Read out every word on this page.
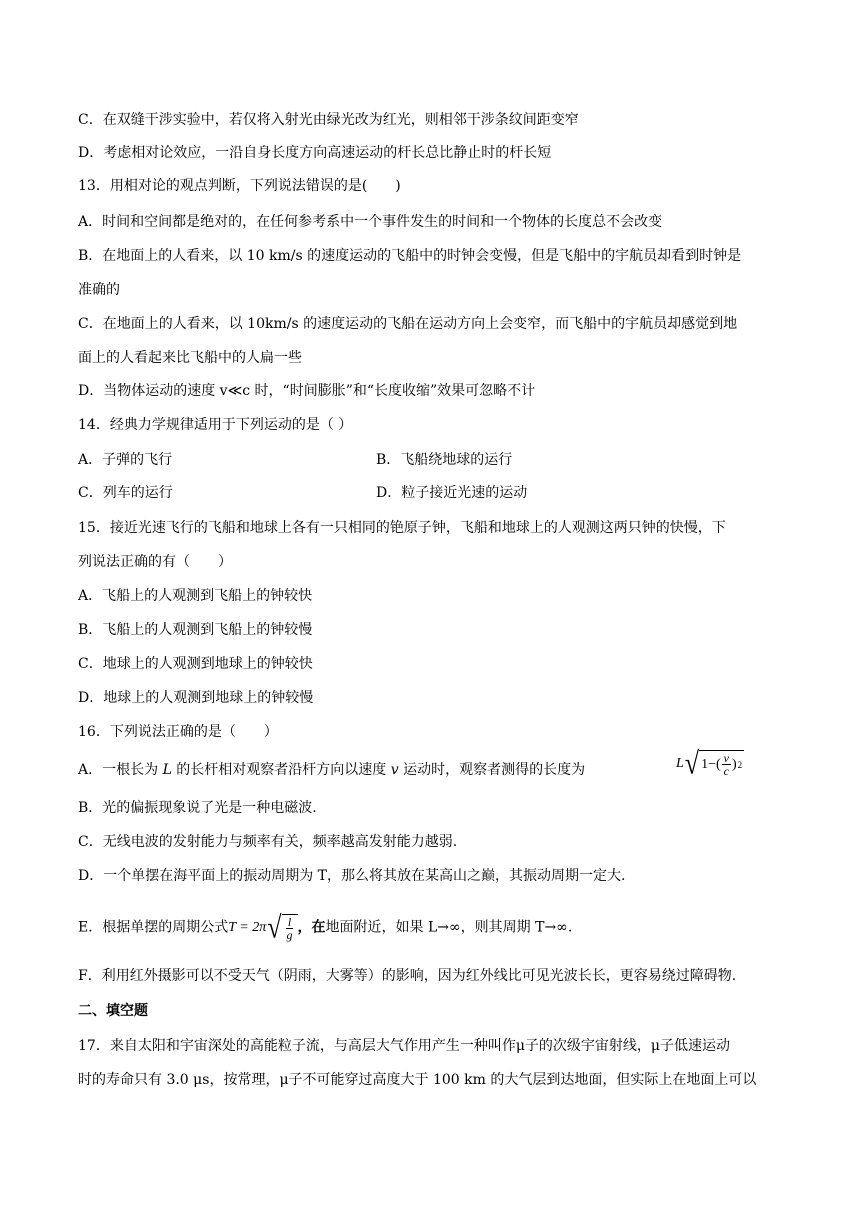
C．在双缝干涉实验中，若仅将入射光由绿光改为红光，则相邻干涉条纹间距变窄
D．考虑相对论效应，一沿自身长度方向高速运动的杆长总比静止时的杆长短
13．用相对论的观点判断，下列说法错误的是(　　)
A．时间和空间都是绝对的，在任何参考系中一个事件发生的时间和一个物体的长度总不会改变
B．在地面上的人看来，以 10 km/s 的速度运动的飞船中的时钟会变慢，但是飞船中的宇航员却看到时钟是
准确的
C．在地面上的人看来，以 10km/s 的速度运动的飞船在运动方向上会变窄，而飞船中的宇航员却感觉到地
面上的人看起来比飞船中的人扁一些
D．当物体运动的速度 v≪c 时，“时间膨胀”和“长度收缩”效果可忽略不计
14．经典力学规律适用于下列运动的是（ ）
A．子弹的飞行	B．飞船绕地球的运行
C．列车的运行	D．粒子接近光速的运动
15．接近光速飞行的飞船和地球上各有一只相同的铯原子钟，飞船和地球上的人观测这两只钟的快慢，下
列说法正确的有（　　）
A．飞船上的人观测到飞船上的钟较快
B．飞船上的人观测到飞船上的钟较慢
C．地球上的人观测到地球上的钟较快
D．地球上的人观测到地球上的钟较慢
16．下列说法正确的是（　　）
A．一根长为 L 的长杆相对观察者沿杆方向以速度 v 运动时，观察者测得的长度为	L √ $1-( \frac{v}{c}$ ) 2
B．光的偏振现象说了光是一种电磁波.
C．无线电波的发射能力与频率有关，频率越高发射能力越弱.
D．一个单摆在海平面上的振动周期为 T，那么将其放在某高山之巅，其振动周期一定大.
E．根据单摆的周期公式 T = 2π √ $\frac{l}{g}$ ，在地面附近，如果 L→∞，则其周期 T→∞.
F．利用红外摄影可以不受天气（阴雨，大雾等）的影响，因为红外线比可见光波长长，更容易绕过障碍物.
二、填空题
17．来自太阳和宇宙深处的高能粒子流，与高层大气作用产生一种叫作μ子的次级宇宙射线，μ子低速运动
时的寿命只有 3.0 μs，按常理，μ子不可能穿过高度大于 100 km 的大气层到达地面，但实际上在地面上可以
